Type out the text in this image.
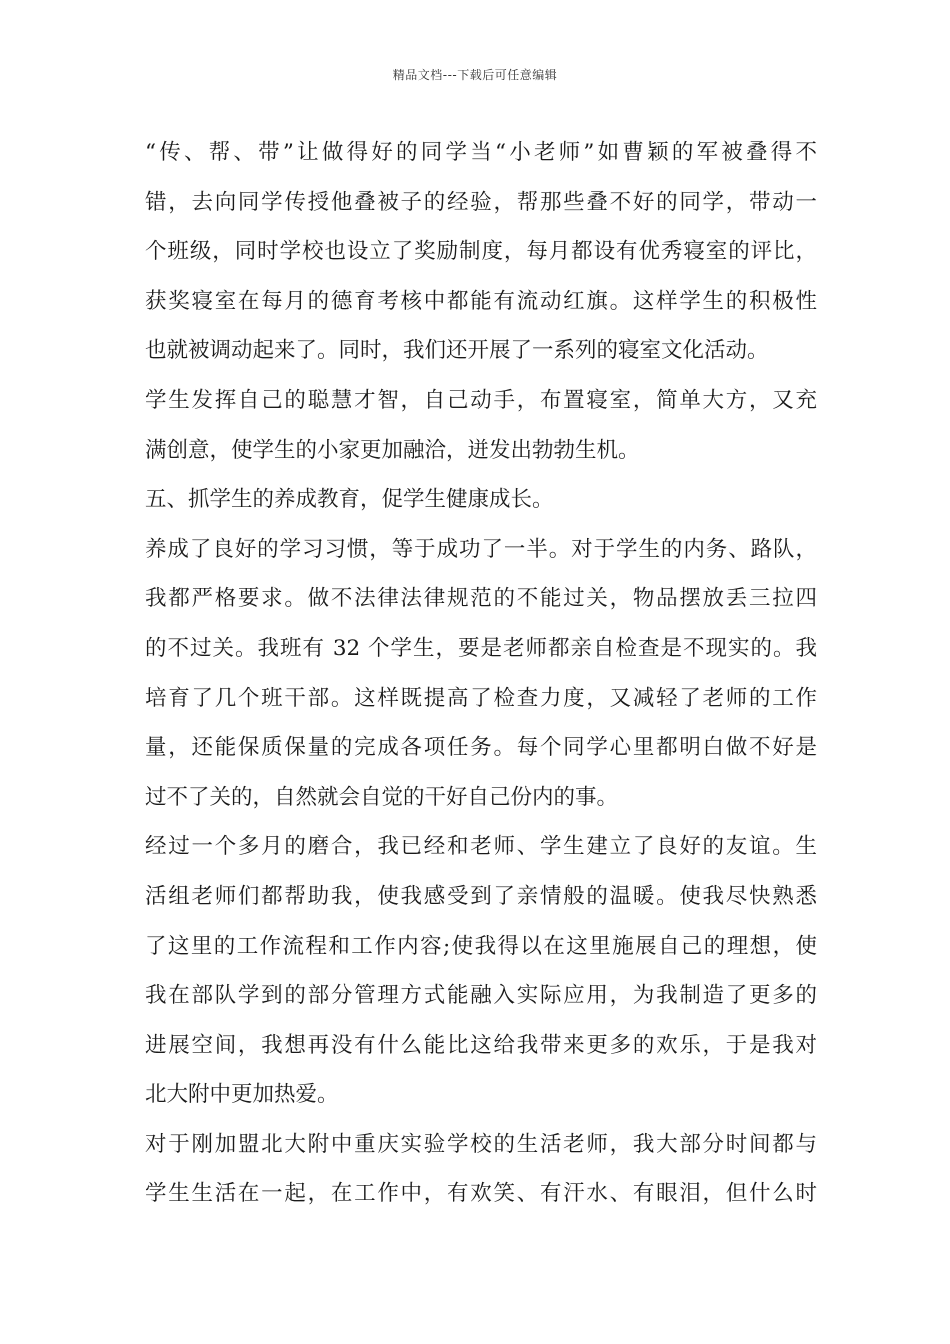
精品文档---下载后可任意编辑
“传、帮、带”让做得好的同学当“小老师”如曹颖的军被叠得不
错，去向同学传授他叠被子的经验，帮那些叠不好的同学，带动一
个班级，同时学校也设立了奖励制度，每月都设有优秀寝室的评比，
获奖寝室在每月的德育考核中都能有流动红旗。这样学生的积极性
也就被调动起来了。同时，我们还开展了一系列的寝室文化活动。
学生发挥自己的聪慧才智，自己动手，布置寝室，简单大方，又充
满创意，使学生的小家更加融洽，迸发出勃勃生机。
五、抓学生的养成教育，促学生健康成长。
养成了良好的学习习惯，等于成功了一半。对于学生的内务、路队，
我都严格要求。做不法律法律规范的不能过关，物品摆放丢三拉四
的不过关。我班有 32 个学生，要是老师都亲自检查是不现实的。我
培育了几个班干部。这样既提高了检查力度，又减轻了老师的工作
量，还能保质保量的完成各项任务。每个同学心里都明白做不好是
过不了关的，自然就会自觉的干好自己份内的事。
经过一个多月的磨合，我已经和老师、学生建立了良好的友谊。生
活组老师们都帮助我，使我感受到了亲情般的温暖。使我尽快熟悉
了这里的工作流程和工作内容;使我得以在这里施展自己的理想，使
我在部队学到的部分管理方式能融入实际应用，为我制造了更多的
进展空间，我想再没有什么能比这给我带来更多的欢乐，于是我对
北大附中更加热爱。
对于刚加盟北大附中重庆实验学校的生活老师，我大部分时间都与
学生生活在一起，在工作中，有欢笑、有汗水、有眼泪，但什么时
